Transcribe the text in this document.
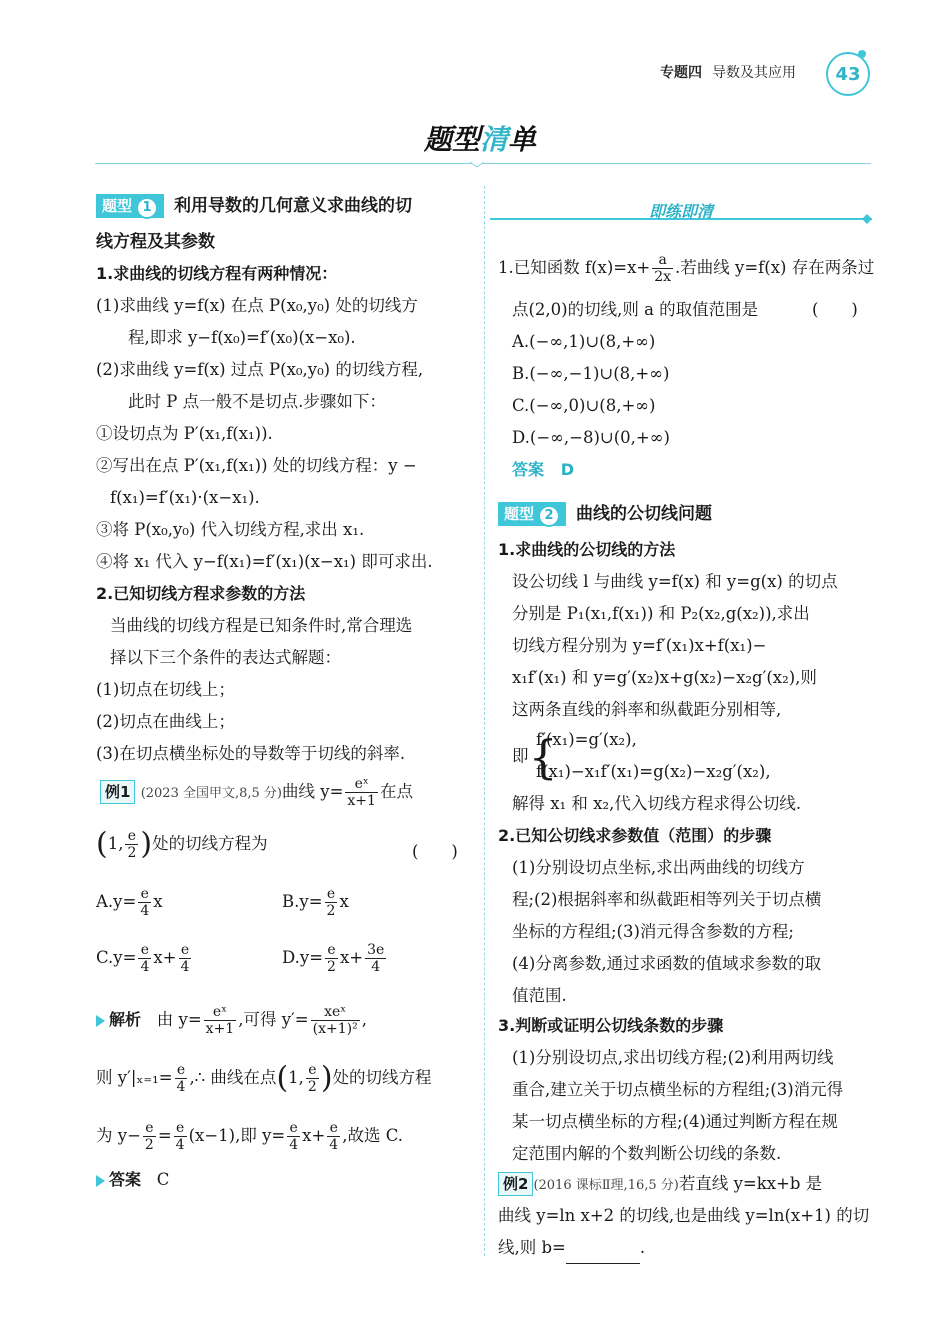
专题四 导数及其应用	43
题型清单
题型 1 利用导数的几何意义求曲线的切
线方程及其参数
1.求曲线的切线方程有两种情况：
(1)求曲线 y=f(x) 在点 P(x₀,y₀) 处的切线方
程,即求 y−f(x₀)=f′(x₀)(x−x₀).
(2)求曲线 y=f(x) 过点 P(x₀,y₀) 的切线方程,
此时 P 点一般不是切点.步骤如下：
①设切点为 P′(x₁,f(x₁)).
②写出在点 P′(x₁,f(x₁)) 处的切线方程：y −
f(x₁)=f′(x₁)·(x−x₁).
③将 P(x₀,y₀) 代入切线方程,求出 x₁.
④将 x₁ 代入 y−f(x₁)=f′(x₁)(x−x₁) 即可求出.
2.已知切线方程求参数的方法
当曲线的切线方程是已知条件时,常合理选
择以下三个条件的表达式解题：
(1)切点在切线上；
(2)切点在曲线上；
(3)在切点横坐标处的导数等于切线的斜率.
例1 (2023 全国甲文,8,5 分)曲线 $y= \frac{\text{eˣ}}{x+1}$ 在点
(1, $\frac{e}{2}$ )处的切线方程为	(　　)
$A.y= \frac{e}{4}$ x	$B.y= \frac{e}{2}$ x
$C.y= \frac{e}{4} x+ \frac{e}{4}$	$D.y= \frac{e}{2} x+ \frac{3e}{4}$
解析 由 $y= \frac{\text{eˣ}}{x+1}$ ,可得 $y'= \frac{\text{xeˣ}}{\text{(x+1)²}}$ ,
则 $y'|_{x=1}= \frac{e}{4}$ ,∴ 曲线在点(1, $\frac{e}{2}$ )处的切线方程
为 $y- \frac{e}{2} = \frac{e}{4} (x-1)$,即 $y= \frac{e}{4} x+ \frac{e}{4}$ ,故选 C.
答案 C
即练即清
1.已知函数 $f(x)=x+ \frac{a}{2x}$ .若曲线 y=f(x) 存在两条过
点(2,0)的切线,则 a 的取值范围是	(　　)
A.(−∞,1)∪(8,+∞)
B.(−∞,−1)∪(8,+∞)
C.(−∞,0)∪(8,+∞)
D.(−∞,−8)∪(0,+∞)
答案 D
题型 2 曲线的公切线问题
1.求曲线的公切线的方法
设公切线 l 与曲线 y=f(x) 和 y=g(x) 的切点
分别是 P₁(x₁,f(x₁)) 和 P₂(x₂,g(x₂)),求出
切线方程分别为 y=f′(x₁)x+f(x₁)−
x₁f′(x₁) 和 y=g′(x₂)x+g(x₂)−x₂g′(x₂),则
这两条直线的斜率和纵截距分别相等,
即{
f′(x₁)=g′(x₂),
f(x₁)−x₁f′(x₁)=g(x₂)−x₂g′(x₂),
解得 x₁ 和 x₂,代入切线方程求得公切线.
2.已知公切线求参数值（范围）的步骤
(1)分别设切点坐标,求出两曲线的切线方
程;(2)根据斜率和纵截距相等列关于切点横
坐标的方程组;(3)消元得含参数的方程;
(4)分离参数,通过求函数的值域求参数的取
值范围.
3.判断或证明公切线条数的步骤
(1)分别设切点,求出切线方程;(2)利用两切线
重合,建立关于切点横坐标的方程组;(3)消元得
某一切点横坐标的方程;(4)通过判断方程在规
定范围内解的个数判断公切线的条数.
例2 (2016 课标Ⅱ理,16,5 分)若直线 y=kx+b 是
曲线 y=ln x+2 的切线,也是曲线 y=ln(x+1) 的切
线,则 b=	.
